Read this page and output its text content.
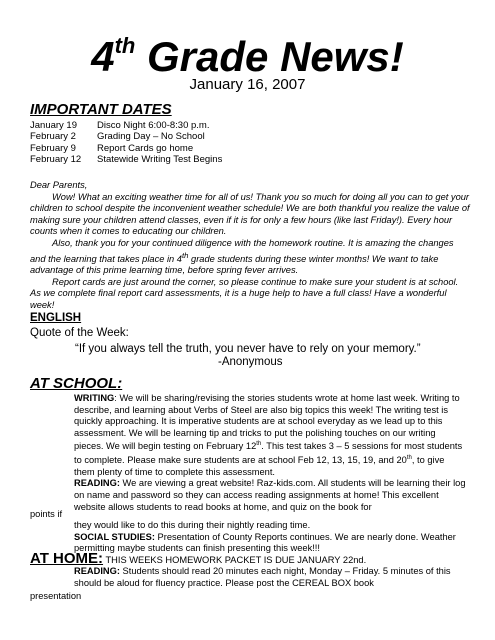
4th Grade News!
January 16, 2007
IMPORTANT DATES
January 19	Disco Night 6:00-8:30 p.m.
February 2	Grading Day – No School
February 9	Report Cards go home
February 12	Statewide Writing Test Begins

Dear Parents,

Wow! What an exciting weather time for all of us! Thank you so much for doing all you can to get your children to school despite the inconvenient weather schedule! We are both thankful you realize the value of making sure your children attend classes, even if it is for only a few hours (like last Friday!). Every hour counts when it comes to educating our children.

Also, thank you for your continued diligence with the homework routine. It is amazing the changes and the learning that takes place in 4th grade students during these winter months! We want to take advantage of this prime learning time, before spring fever arrives.

Report cards are just around the corner, so please continue to make sure your student is at school. As we complete final report card assessments, it is a huge help to have a full class! Have a wonderful week!

ENGLISH
Quote of the Week:
“If you always tell the truth, you never have to rely on your memory.”
-Anonymous
AT SCHOOL:

WRITING: We will be sharing/revising the stories students wrote at home last week. Writing to describe, and learning about Verbs of Steel are also big topics this week! The writing test is quickly approaching. It is imperative students are at school everyday as we lead up to this assessment. We will be learning tip and tricks to put the polishing touches on our writing pieces. We will begin testing on February 12th. This test takes 3 – 5 sessions for most students to complete. Please make sure students are at school Feb 12, 13, 15, 19, and 20th, to give them plenty of time to complete this assessment.

READING: We are viewing a great website! Raz-kids.com. All students will be learning their log on name and password so they can access reading assignments at home! This excellent website allows students to read books at home, and quiz on the book for

points if

they would like to do this during their nightly reading time.

SOCIAL STUDIES: Presentation of County Reports continues. We are nearly done. Weather permitting maybe students can finish presenting this week!!!

AT HOME: THIS WEEKS HOMEWORK PACKET IS DUE JANUARY 22nd.

READING: Students should read 20 minutes each night, Monday – Friday. 5 minutes of this should be aloud for fluency practice. Please post the CEREAL BOX book

presentation
